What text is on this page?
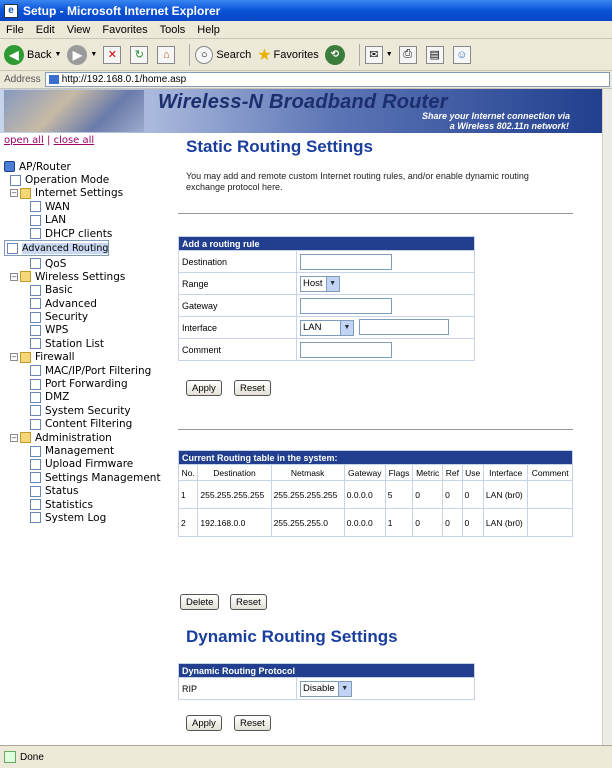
e Setup - Microsoft Internet Explorer
File	Edit	View	Favorites	Tools	Help
◀ Back ▼ ▶	▼ ✕	↻	⌂	○ Search ★ Favorites	⟲	✉	▼ ⎙	▤	☺
Address	http://192.168.0.1/home.asp
Wireless-N Broadband Router
Share your Internet connection via
a Wireless 802.11n network!
open all | close all
AP/Router
Operation Mode
− Internet Settings
WAN
LAN
DHCP clients
Advanced Routing
QoS
− Wireless Settings
Basic
Advanced
Security
WPS
Station List
− Firewall
MAC/IP/Port Filtering
Port Forwarding
DMZ
System Security
Content Filtering
− Administration
Management
Upload Firmware
Settings Management
Status
Statistics
System Log
Static Routing Settings
You may add and remote custom Internet routing rules, and/or enable dynamic routing exchange protocol here.
Add a routing rule	
Destination	
Range	Host ▼

Gateway	
Interface	LAN ▼

Comment	
Apply	Reset
Current Routing table in the system:									
No.	Destination	Netmask	Gateway	Flags	Metric	Ref	Use	Interface	Comment
1	255.255.255.255	255.255.255.255	0.0.0.0	5	0	0	0	LAN (br0)	
2	192.168.0.0	255.255.255.0	0.0.0.0	1	0	0	0	LAN (br0)	
Delete	Reset
Dynamic Routing Settings
Dynamic Routing Protocol
RIP	Disable ▼
Apply	Reset
Done
